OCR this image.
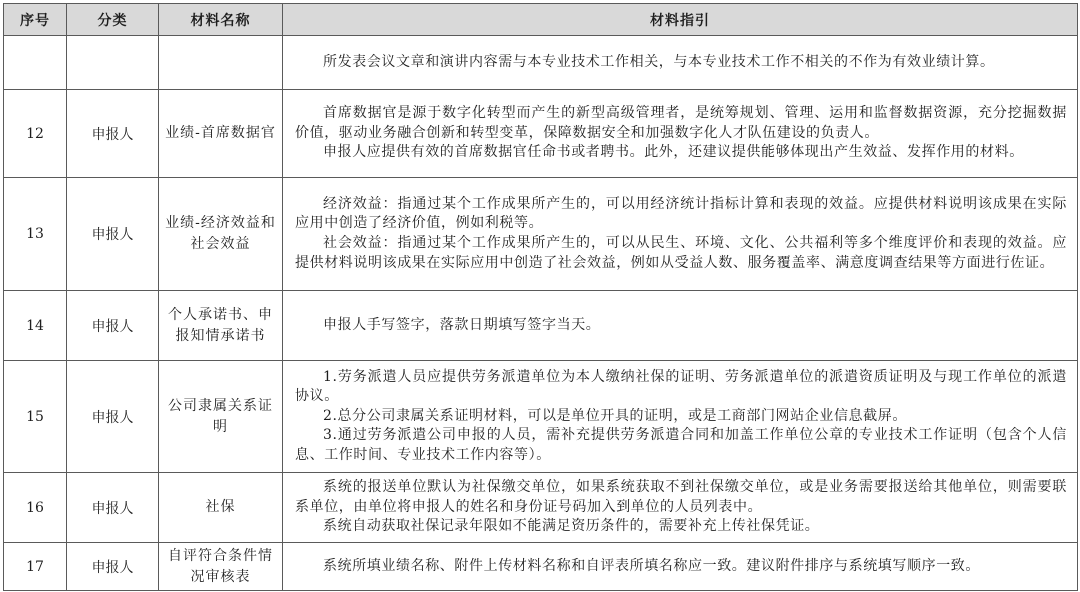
序号	分类	材料名称	材料指引

			所发表会议文章和演讲内容需与本专业技术工作相关，与本专业技术工作不相关的不作为有效业绩计算。

12	申报人	业绩-首席数据官	首席数据官是源于数字化转型而产生的新型高级管理者，是统筹规划、管理、运用和监督数据资源，充分挖掘数据价值，驱动业务融合创新和转型变革，保障数据安全和加强数字化人才队伍建设的负责人。

申报人应提供有效的首席数据官任命书或者聘书。此外，还建议提供能够体现出产生效益、发挥作用的材料。

13	申报人	业绩-经济效益和社会效益	经济效益：指通过某个工作成果所产生的，可以用经济统计指标计算和表现的效益。应提供材料说明该成果在实际应用中创造了经济价值，例如利税等。

社会效益：指通过某个工作成果所产生的，可以从民生、环境、文化、公共福利等多个维度评价和表现的效益。应提供材料说明该成果在实际应用中创造了社会效益，例如从受益人数、服务覆盖率、满意度调查结果等方面进行佐证。

14	申报人	个人承诺书、申报知情承诺书	申报人手写签字，落款日期填写签字当天。

15	申报人	公司隶属关系证明	1.劳务派遣人员应提供劳务派遣单位为本人缴纳社保的证明、劳务派遣单位的派遣资质证明及与现工作单位的派遣协议。

2.总分公司隶属关系证明材料，可以是单位开具的证明，或是工商部门网站企业信息截屏。

3.通过劳务派遣公司申报的人员，需补充提供劳务派遣合同和加盖工作单位公章的专业技术工作证明（包含个人信息、工作时间、专业技术工作内容等）。

16	申报人	社保	系统的报送单位默认为社保缴交单位，如果系统获取不到社保缴交单位，或是业务需要报送给其他单位，则需要联系单位，由单位将申报人的姓名和身份证号码加入到单位的人员列表中。

系统自动获取社保记录年限如不能满足资历条件的，需要补充上传社保凭证。

17	申报人	自评符合条件情况审核表	系统所填业绩名称、附件上传材料名称和自评表所填名称应一致。建议附件排序与系统填写顺序一致。
